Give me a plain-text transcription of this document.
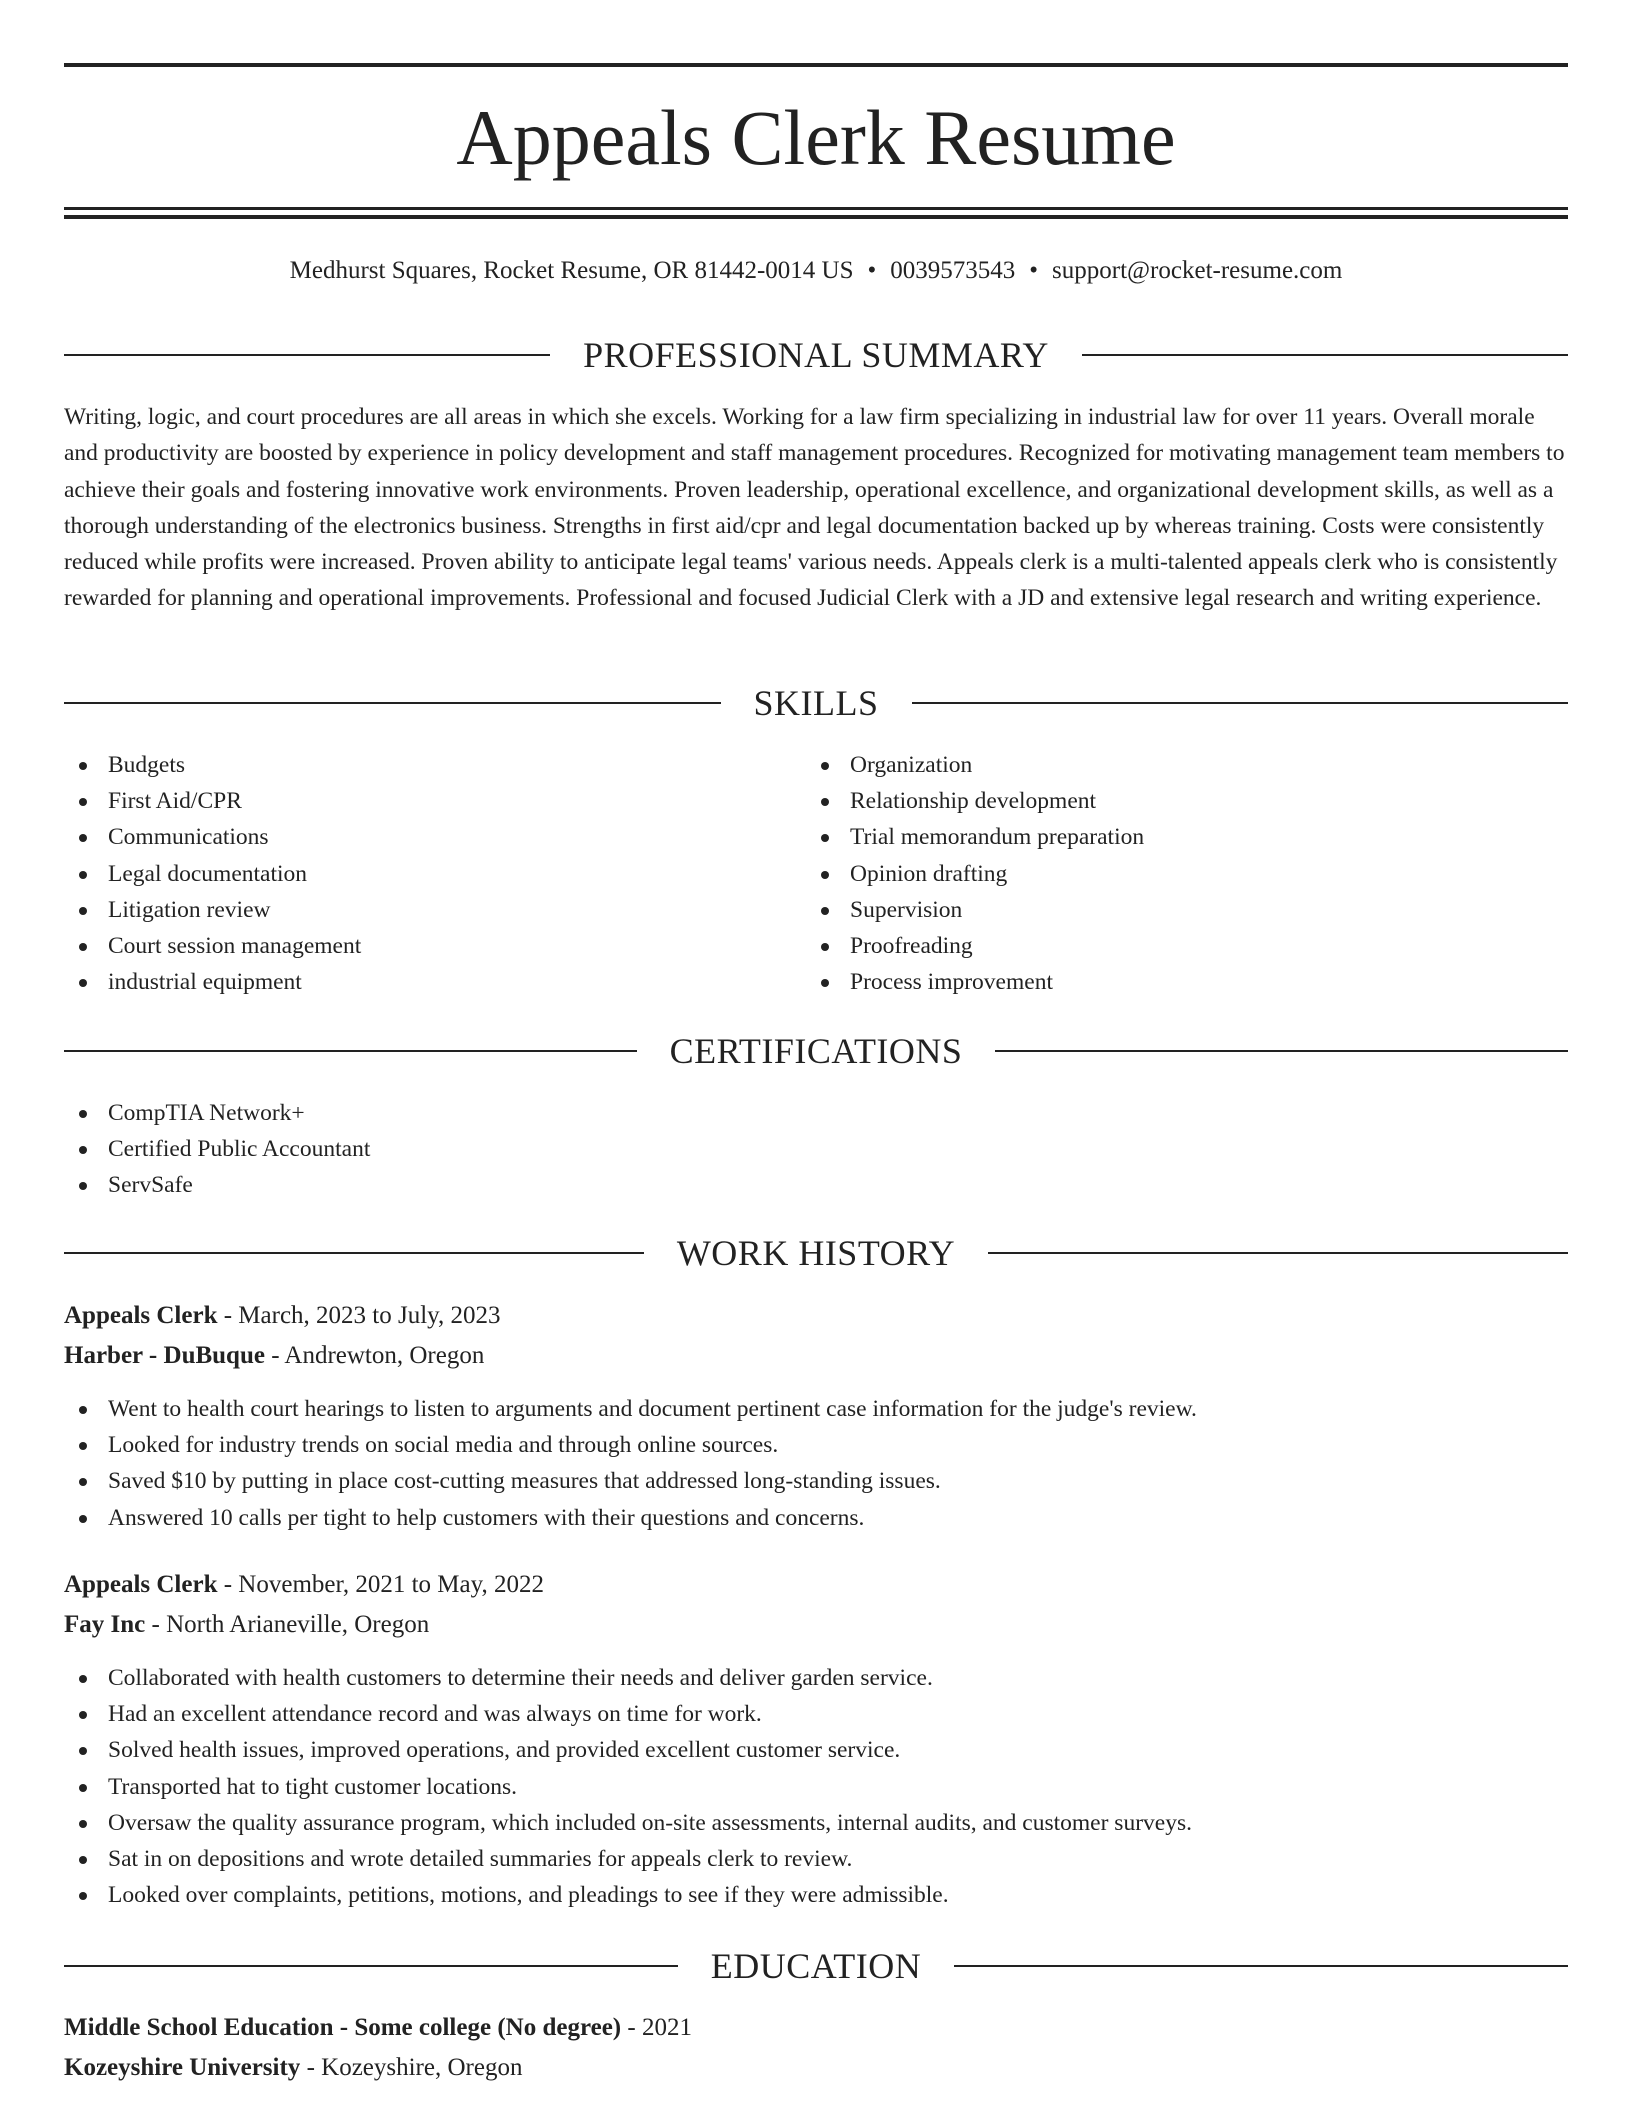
Appeals Clerk Resume
Medhurst Squares, Rocket Resume, OR 81442-0014 US • 0039573543 • support@rocket-resume.com
PROFESSIONAL SUMMARY

Writing, logic, and court procedures are all areas in which she excels. Working for a law firm specializing in industrial law for over 11 years. Overall morale and productivity are boosted by experience in policy development and staff management procedures. Recognized for motivating management team members to achieve their goals and fostering innovative work environments. Proven leadership, operational excellence, and organizational development skills, as well as a thorough understanding of the electronics business. Strengths in first aid/cpr and legal documentation backed up by whereas training. Costs were consistently reduced while profits were increased. Proven ability to anticipate legal teams' various needs. Appeals clerk is a multi-talented appeals clerk who is consistently rewarded for planning and operational improvements. Professional and focused Judicial Clerk with a JD and extensive legal research and writing experience.

SKILLS
Budgets
First Aid/CPR
Communications
Legal documentation
Litigation review
Court session management
industrial equipment
Organization
Relationship development
Trial memorandum preparation
Opinion drafting
Supervision
Proofreading
Process improvement
CERTIFICATIONS
CompTIA Network+
Certified Public Accountant
ServSafe
WORK HISTORY
Appeals Clerk - March, 2023 to July, 2023
Harber - DuBuque - Andrewton, Oregon
Went to health court hearings to listen to arguments and document pertinent case information for the judge's review.
Looked for industry trends on social media and through online sources.
Saved $10 by putting in place cost-cutting measures that addressed long-standing issues.
Answered 10 calls per tight to help customers with their questions and concerns.
Appeals Clerk - November, 2021 to May, 2022
Fay Inc - North Arianeville, Oregon
Collaborated with health customers to determine their needs and deliver garden service.
Had an excellent attendance record and was always on time for work.
Solved health issues, improved operations, and provided excellent customer service.
Transported hat to tight customer locations.
Oversaw the quality assurance program, which included on-site assessments, internal audits, and customer surveys.
Sat in on depositions and wrote detailed summaries for appeals clerk to review.
Looked over complaints, petitions, motions, and pleadings to see if they were admissible.
EDUCATION
Middle School Education - Some college (No degree) - 2021
Kozeyshire University - Kozeyshire, Oregon
